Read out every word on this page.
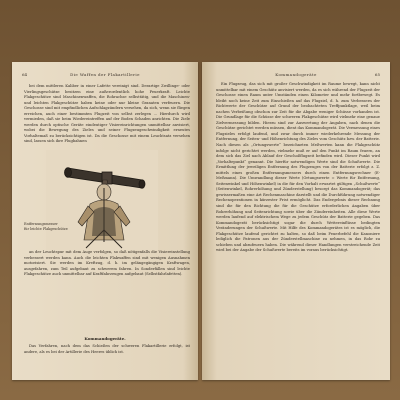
64	Die Waffen der Flakartillerie

bei dem mittleren Kaliber in einer Lafette vereinigt sind. Derartige Zwillinge- oder Vierlingsgeschütze besitzen eine außerordentlich hohe Feuerkraft. Leichte Flakgeschütze sind Maschinenwaffen, die Rohrachse selbsttätig, und die Maschinen- und leichten Flakgeschütze haben keine oder nur kleine Granaten verfeuern. Die Geschosse sind mit empfindlichen Aufschlagzündern versehen, da sich, wenn sie fliegen erreichen, auch einer bestimmten Flugzeit von selbst zerlegen ... Hierdurch wird vermieden, daß sie beim Wiedereintreffen auf der Boden Schaden anrichten. Die Ziele werden durch optische Geräte eindeutiger Visiereinrichtungen unmittelbar anvisiert, wobei die Bewegung des Zieles und seiner Flugzeugeschwindigkeit erneutes Vorhaltemaß zu berücksichtigen ist. Da die Geschosse mit einem Leuchtsatz versehen sind, lassen sich ihre Flugbahnen

Entfernungsmesser
für leichte Flakgeschütze

an der Leuchtspur mit dem Auge verfolgen, so daß nötigenfalls die Visiereinstellung verbessert werden kann. Auch die leichten Flakwaffen sind mit wenigen Ausnahmen motorisiert. Sie werden im Kreftzug, d. h. im gelängegängigen Kraftwagen, ausgefahren, zum Teil aufgebaut zu schwerem fahren. In Sonderfällen sind leichte Flakgeschütze auch unmittelbar auf Kraftfahrzeugen aufgebaut (Selbstfahrlafetten).

Kommandogeräte.

Das Verfahren, nach dem das Schießen der schweren Flakartillerie erfolgt, ist andere, als es bei der Artillerie des Heeres üblich ist.

Kommandogeräte	65

Ein Flugzeug, das sich mit großer Geschwindigkeit im Raume bewegt, kann nicht unmittelbar mit einem Geschütz anvisiert werden, da es sich während der Flugzeit der Geschosse einen Raum unter Umständen einen Kilometer und mehr fortbewegt. Es bleibt noch keine Zeit zum Einschießen auf das Flugziel, d. h. zum Verbessern der Richtwerte der Geschütze auf Grund der beobachteten Treffpunktlage, weil beim nachen Verbeißung obschon zur Zeit für die Abgabe weniger Schüsse vorhanden ist. Die Grundlage für die Schüsse der schweren Flakgeschütze wird vielmehr eine genaue Zielvermessung bilden. Hierzu sind zur Auswertung der Angaben, nach denen die Geschütze gerichtet werden müssen, dient das Kommandogerät. Die Vermessung eines Flugzieles erfolgt laufend, und zwar durch immer wiederkehrende Messung der Entfernung, der Seiten- und Höhenrichtung des Zieles vom Geschütz bzw. der Batterie. Nach diesen als „Ortungswerte“ bezeichneten Meßwerten kann die Flakgeschütz infolge nicht gerichtet werden, vielmehr muß er auf den Punkt im Raum feuern, an dem sich das Ziel nach Ablauf der Geschoßflugzeit befinden wird. Dieser Punkt wird „Vorhaltepunkt“ genannt. Die hierfür notwendigen Werte sind die Schußwerte. Die Ermittlung der jeweiligen Entfernung des Flugzeuges von der Batterie erfolgt z. Z. mittels eines großen Entfernungsmessers durch einen Entfernungsrechner (E-Meßmann). Die Umwandlung dieser Werte (Ortungswerte = Werte für Entfernung, Seitenwinkel und Höhenwinkel) in die für den Vorhalt erwartet gültigen „Schußwerte“ (Seitenwinkel, Rohrerhöhung und Zünderstellung) besorgt das Kommandogerät; das gewissermaßen eine Art Rechenmaschine darstellt und die Durchführung notwendiger Rechenoperationen in kürzester Frist ermöglicht. Das Endergebnis dieser Rechnung sind die für den Richtung die für die Geschütze erforderlichen Angaben über Rohrerhöhung und Seitenrichtung sowie über die Zündereinheiten. Alle diese Werte werden laufend auf elektrischem Wege zu jedem Geschütz der Batterie gegeben. Das Kommandogerät berücksichtigt sogar die durch Wettereinflüsse bedingten Veränderungen der Schußwerte. Mit Hilfe des Kommandogerätes ist es möglich, die Flakgeschütze laufend gerichtet zu halten, so daß beim Feuerbefehl die Kanoniere lediglich die Patronen aus der Zünderstellmaschine zu nehmen, in das Rohr zu schieben und abzufeuern haben. Die während dieser Handlungen verstreichende Zeit wird bei der Angabe der Schußwerte bereits im voraus berücksichtigt.
